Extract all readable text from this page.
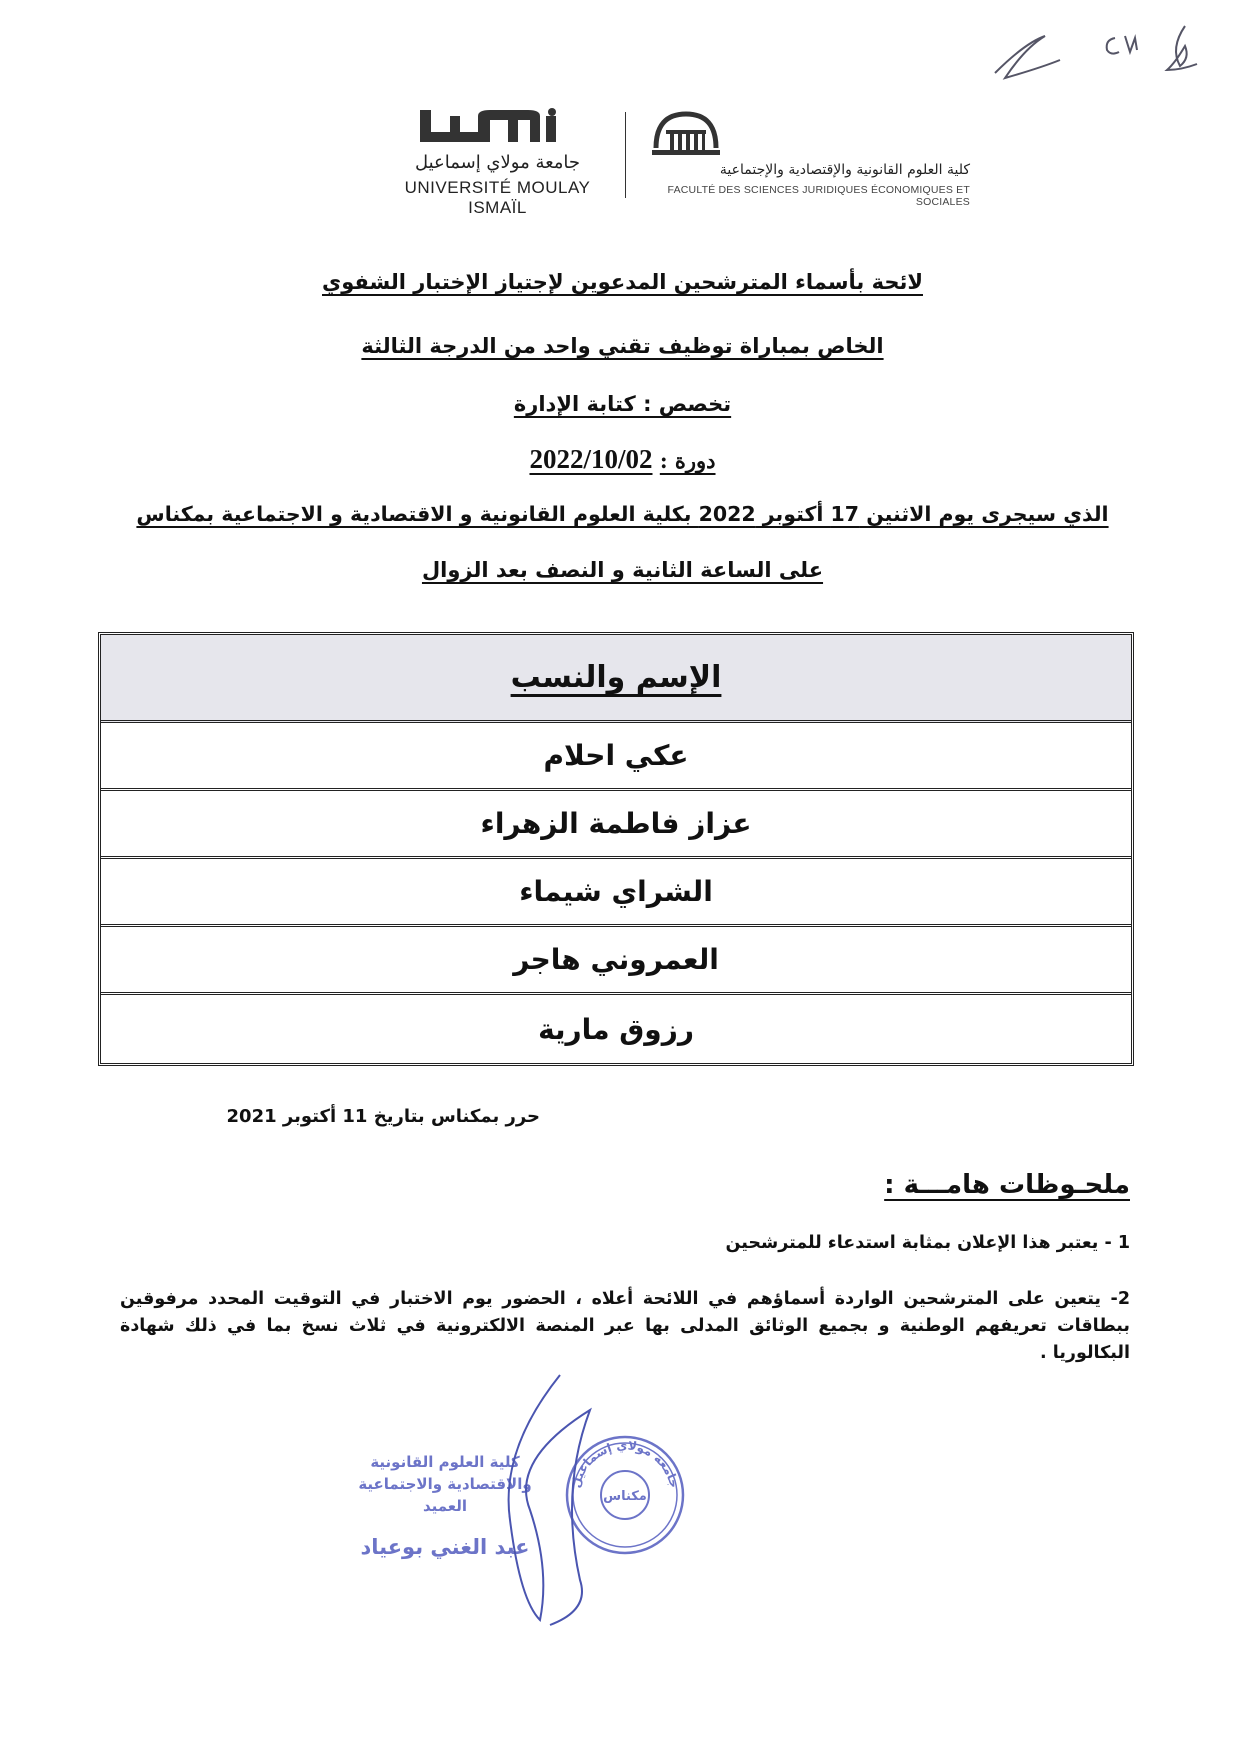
جامعة مولاي إسماعيل
UNIVERSITÉ MOULAY ISMAÏL
كلية العلوم القانونية والإقتصادية والإجتماعية
FACULTÉ DES SCIENCES JURIDIQUES ÉCONOMIQUES ET SOCIALES
لائحة بأسماء المترشحين المدعوين لإجتياز الإختبار الشفوي
الخاص بمباراة توظيف تقني واحد من الدرجة الثالثة
تخصص : كتابة الإدارة
دورة : 2022/10/02
الذي سيجرى يوم الاثنين 17 أكتوبر 2022 بكلية العلوم القانونية و الاقتصادية و الاجتماعية بمكناس
على الساعة الثانية و النصف بعد الزوال
الإسم والنسب
عكي احلام
عزاز فاطمة الزهراء
الشراي شيماء
العمروني هاجر
رزوق مارية
حرر بمكناس بتاريخ 11 أكتوبر 2021
ملحـوظات هامـــة :
1 - يعتبر هذا الإعلان بمثابة استدعاء للمترشحين
2- يتعين على المترشحين الواردة أسماؤهم في اللائحة أعلاه ، الحضور يوم الاختبار في التوقيت المحدد مرفوقين ببطاقات تعريفهم الوطنية و بجميع الوثائق المدلى بها عبر المنصة الالكترونية في ثلاث نسخ بما في ذلك شهادة البكالوريا .
كلية العلوم القانونية
والاقتصادية والاجتماعية
العميد
عبد الغني بوعياد
جامعة مولاي إسماعيل
مكناس
